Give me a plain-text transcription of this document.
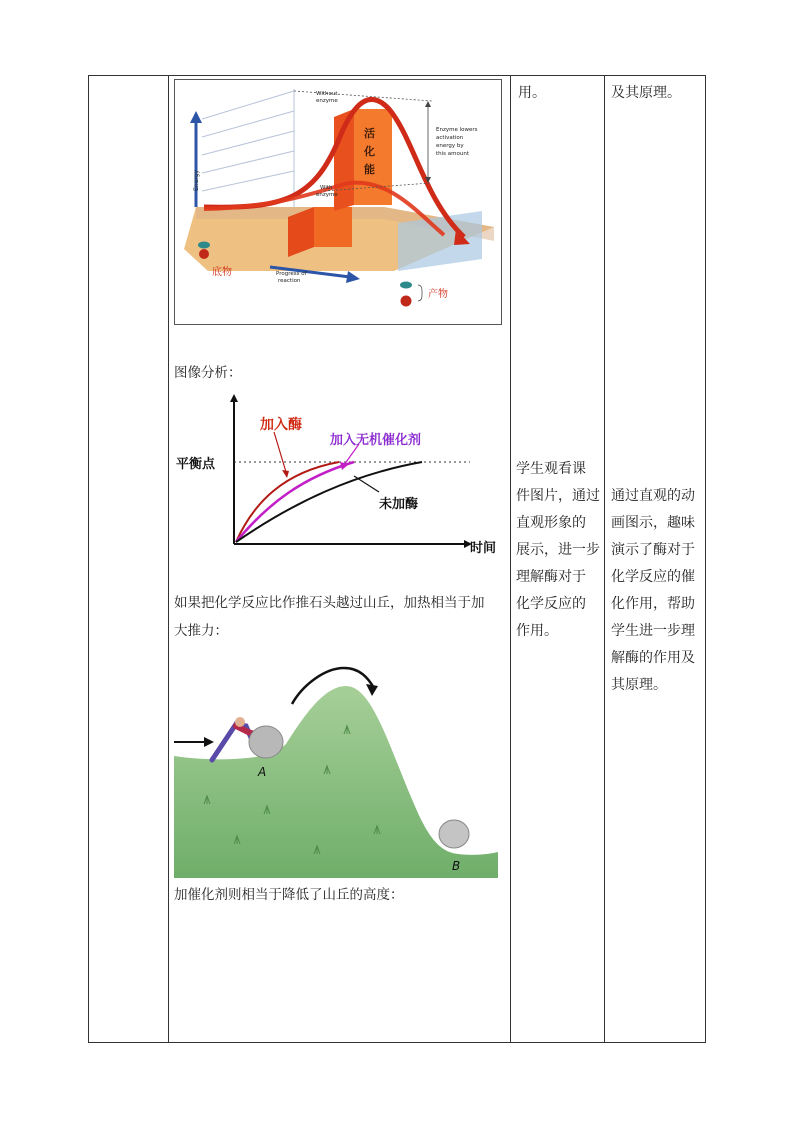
用。
学生观看课
件图片，通过
直观形象的
展示，进一步
理解酶对于
化学反应的
作用。
及其原理。
通过直观的动
画图示，趣味
演示了酶对于
化学反应的催
化作用，帮助
学生进一步理
解酶的作用及
其原理。
Energy
活
化
能
Without
enzyme
With
enzyme
Enzyme lowers
activation
energy by
this amount
Progress of
reaction
底物
产物
图像分析：
加入酶
加入无机催化剂
未加酶
平衡点
时间
如果把化学反应比作推石头越过山丘，加热相当于加
大推力：
A
B
加催化剂则相当于降低了山丘的高度：
